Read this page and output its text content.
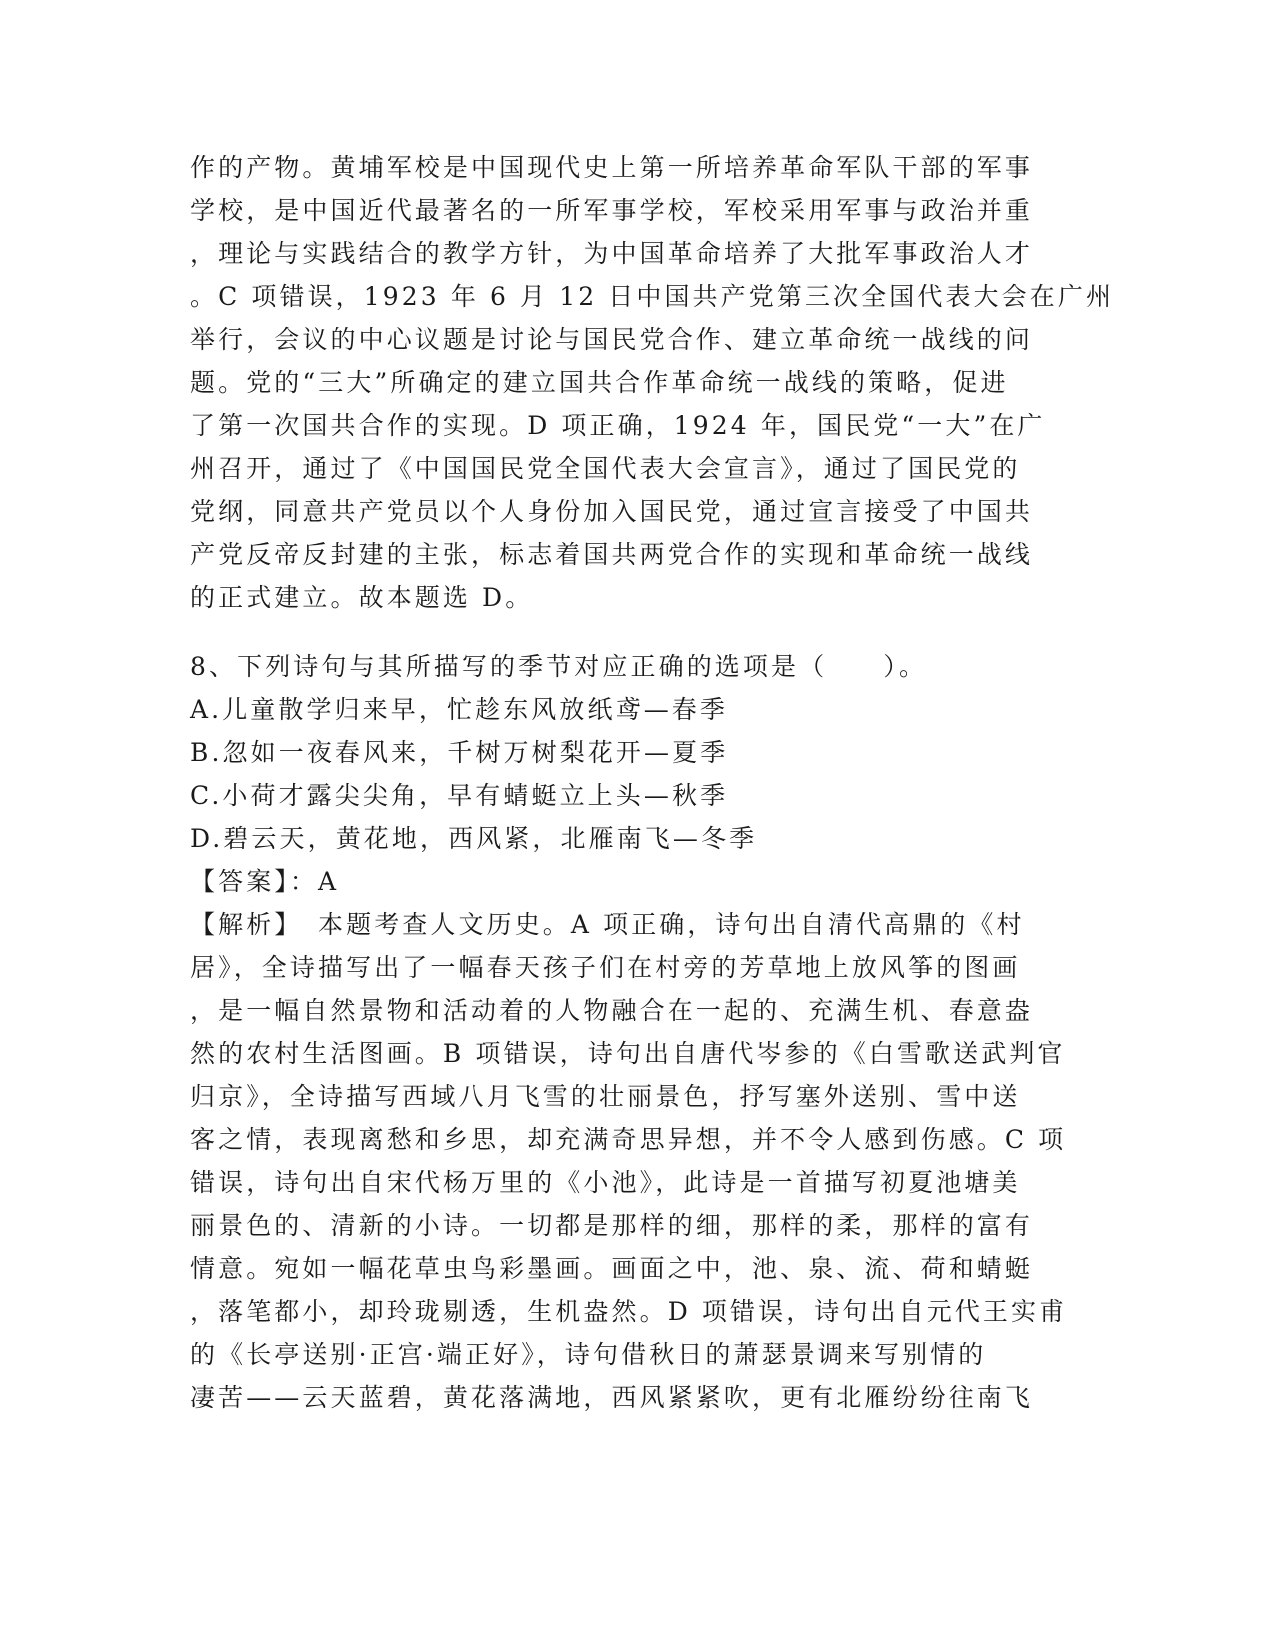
作的产物。黄埔军校是中国现代史上第一所培养革命军队干部的军事
学校，是中国近代最著名的一所军事学校，军校采用军事与政治并重
，理论与实践结合的教学方针，为中国革命培养了大批军事政治人才
。C 项错误，1923 年 6 月 12 日中国共产党第三次全国代表大会在广州
举行，会议的中心议题是讨论与国民党合作、建立革命统一战线的问
题。党的“三大”所确定的建立国共合作革命统一战线的策略，促进
了第一次国共合作的实现。D 项正确，1924 年，国民党“一大”在广
州召开，通过了《中国国民党全国代表大会宣言》，通过了国民党的
党纲，同意共产党员以个人身份加入国民党，通过宣言接受了中国共
产党反帝反封建的主张，标志着国共两党合作的实现和革命统一战线
的正式建立。故本题选 D。
8、下列诗句与其所描写的季节对应正确的选项是（　　）。
A.儿童散学归来早，忙趁东风放纸鸢—春季
B.忽如一夜春风来，千树万树梨花开—夏季
C.小荷才露尖尖角，早有蜻蜓立上头—秋季
D.碧云天，黄花地，西风紧，北雁南飞—冬季
【答案】：A
【解析】　本题考查人文历史。A 项正确，诗句出自清代高鼎的《村
居》，全诗描写出了一幅春天孩子们在村旁的芳草地上放风筝的图画
，是一幅自然景物和活动着的人物融合在一起的、充满生机、春意盎
然的农村生活图画。B 项错误，诗句出自唐代岑参的《白雪歌送武判官
归京》，全诗描写西域八月飞雪的壮丽景色，抒写塞外送别、雪中送
客之情，表现离愁和乡思，却充满奇思异想，并不令人感到伤感。C 项
错误，诗句出自宋代杨万里的《小池》，此诗是一首描写初夏池塘美
丽景色的、清新的小诗。一切都是那样的细，那样的柔，那样的富有
情意。宛如一幅花草虫鸟彩墨画。画面之中，池、泉、流、荷和蜻蜓
，落笔都小，却玲珑剔透，生机盎然。D 项错误，诗句出自元代王实甫
的《长亭送别·正宫·端正好》，诗句借秋日的萧瑟景调来写别情的
凄苦——云天蓝碧，黄花落满地，西风紧紧吹，更有北雁纷纷往南飞
